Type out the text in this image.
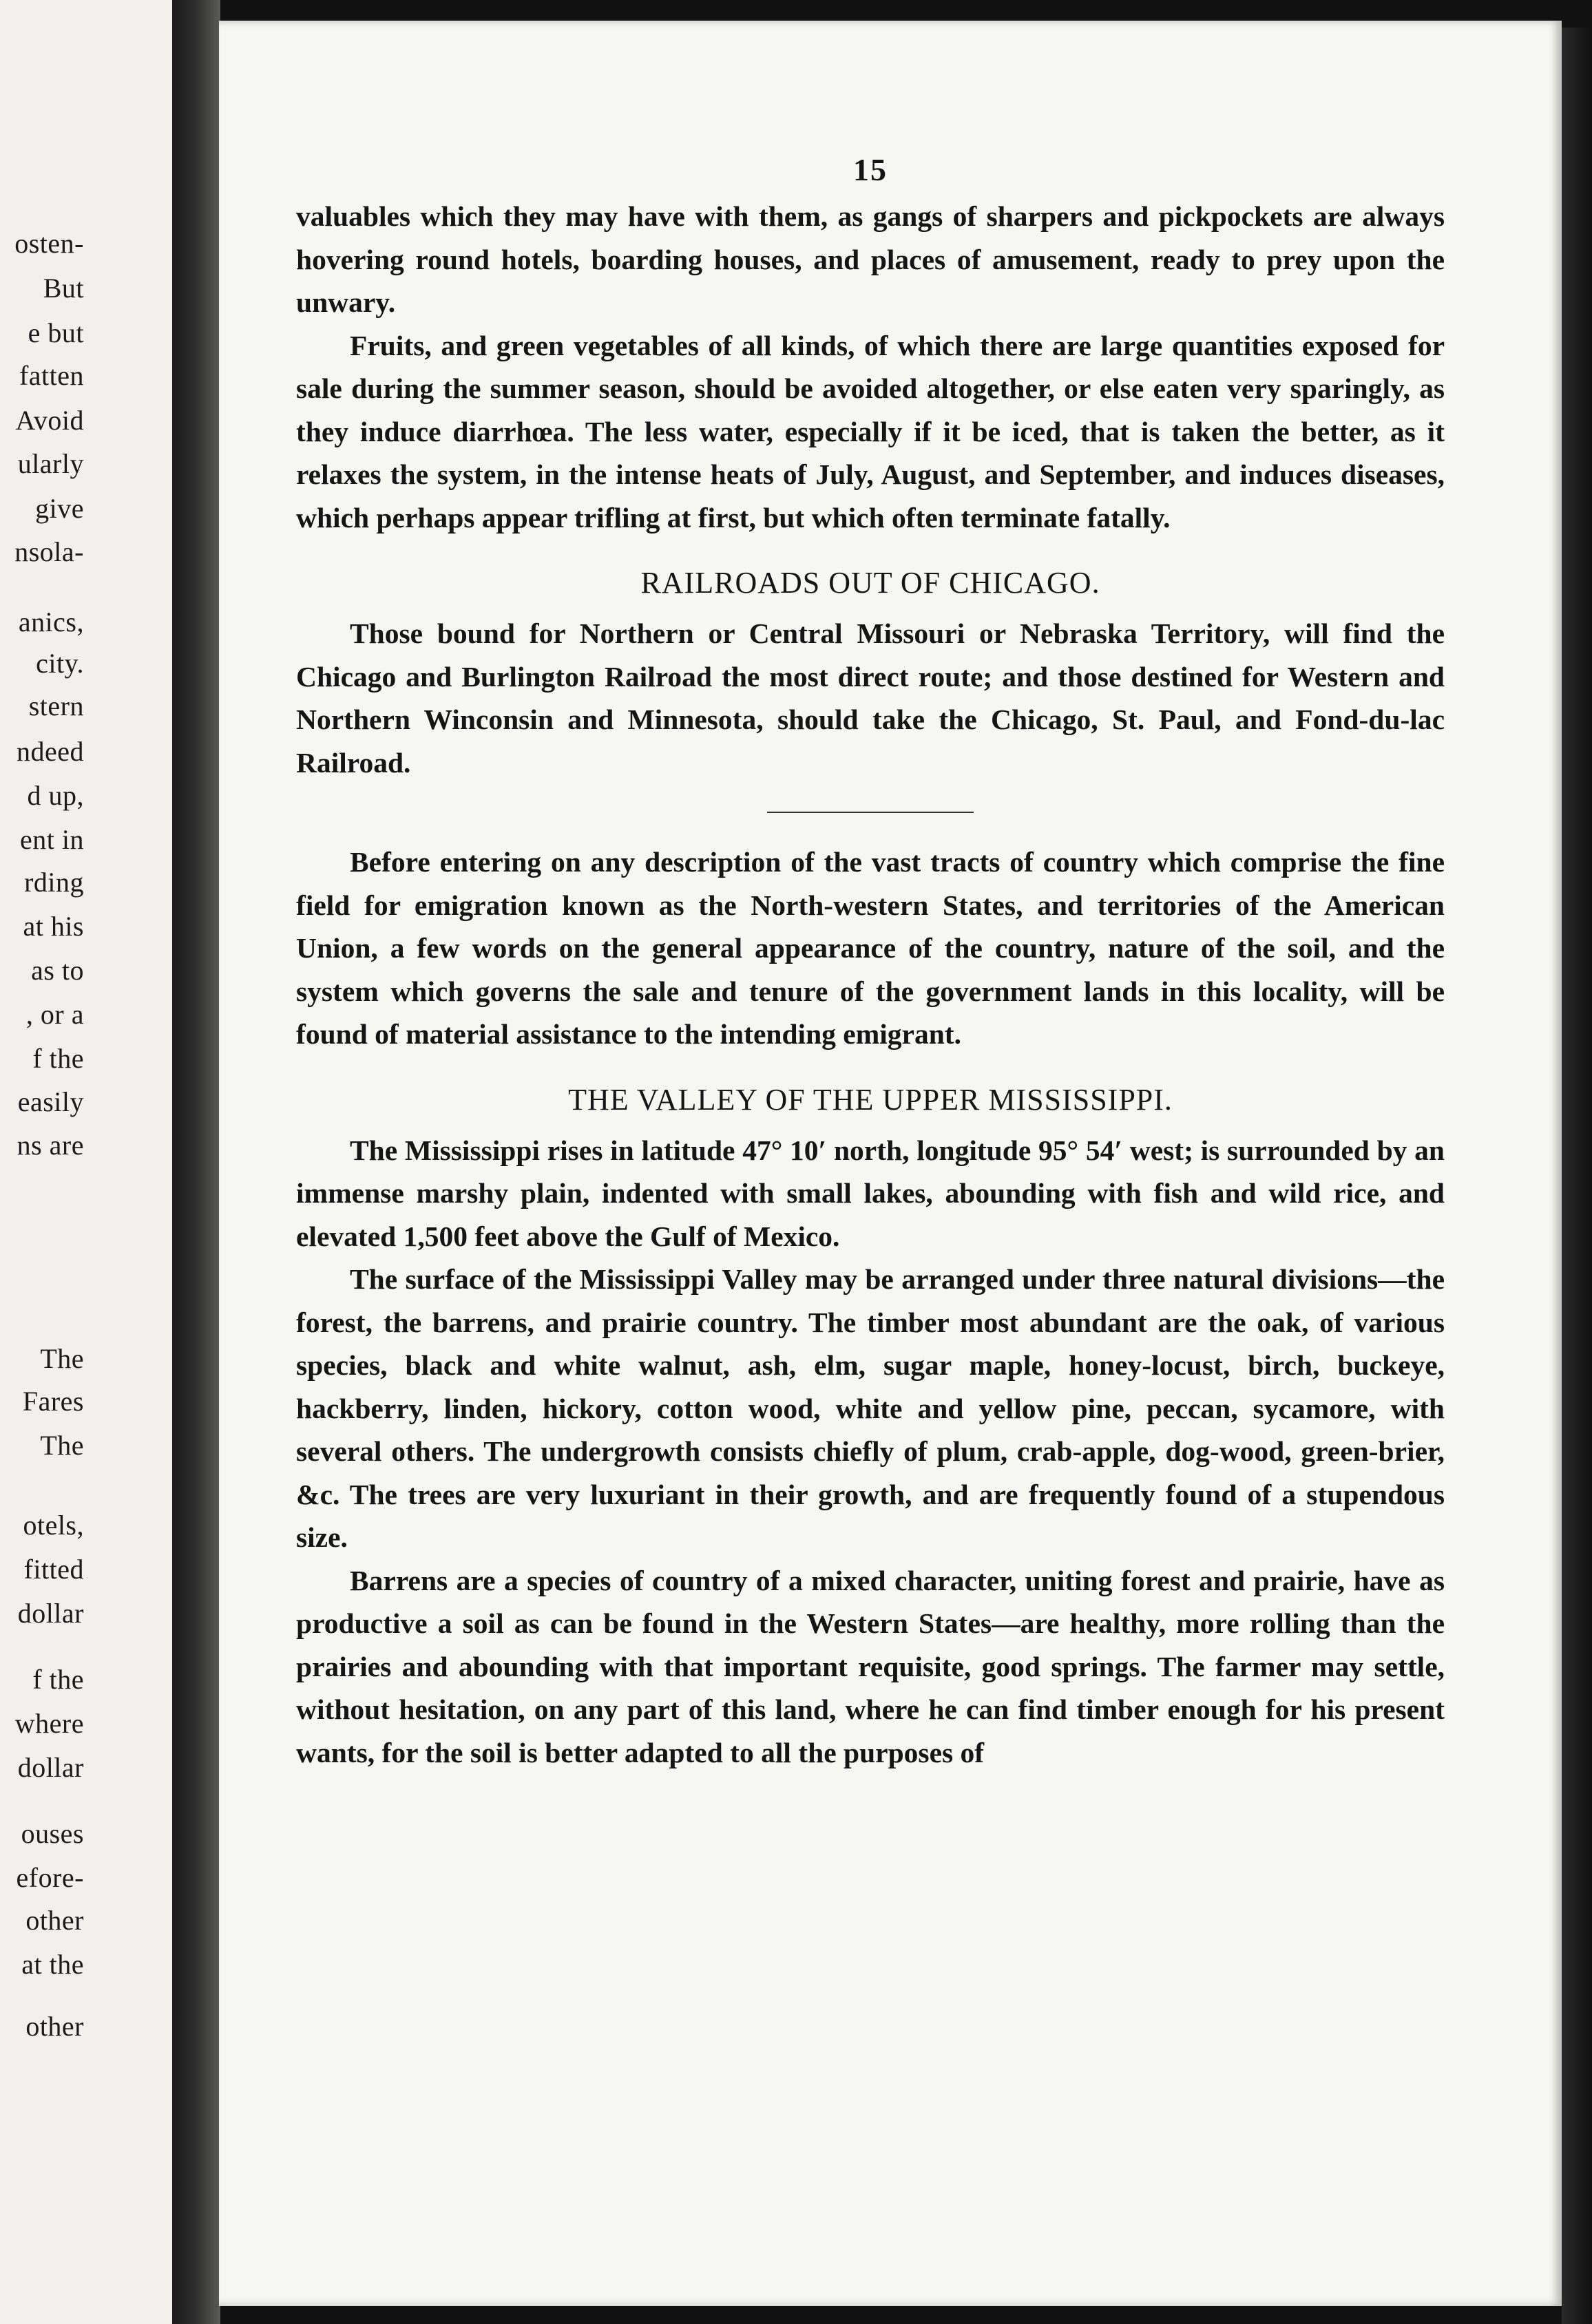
osten-
But
e but
fatten
Avoid
ularly
give
nsola-
anics,
city.
stern
ndeed
d up,
ent in
rding
at his
as to
, or a
f the
easily
ns are
The
Fares
The
otels,
fitted
dollar
f the
where
dollar
ouses
efore-
other
at the
other
15

valuables which they may have with them, as gangs of sharpers and pickpockets are always hovering round hotels, boarding houses, and places of amusement, ready to prey upon the unwary.

Fruits, and green vegetables of all kinds, of which there are large quantities exposed for sale during the summer season, should be avoided altogether, or else eaten very sparingly, as they induce diarrhœa. The less water, especially if it be iced, that is taken the better, as it relaxes the system, in the intense heats of July, August, and September, and induces diseases, which perhaps appear trifling at first, but which often terminate fatally.

RAILROADS OUT OF CHICAGO.

Those bound for Northern or Central Missouri or Nebraska Territory, will find the Chicago and Burlington Railroad the most direct route; and those destined for Western and Northern Winconsin and Minnesota, should take the Chicago, St. Paul, and Fond-du-lac Railroad.

Before entering on any description of the vast tracts of country which comprise the fine field for emigration known as the North-western States, and territories of the American Union, a few words on the general appearance of the country, nature of the soil, and the system which governs the sale and tenure of the government lands in this locality, will be found of material assistance to the intending emigrant.

THE VALLEY OF THE UPPER MISSISSIPPI.

The Mississippi rises in latitude 47° 10′ north, longitude 95° 54′ west; is surrounded by an immense marshy plain, indented with small lakes, abounding with fish and wild rice, and elevated 1,500 feet above the Gulf of Mexico.

The surface of the Mississippi Valley may be arranged under three natural divisions—the forest, the barrens, and prairie country. The timber most abundant are the oak, of various species, black and white walnut, ash, elm, sugar maple, honey-locust, birch, buckeye, hackberry, linden, hickory, cotton wood, white and yellow pine, peccan, sycamore, with several others. The undergrowth consists chiefly of plum, crab-apple, dog-wood, green-brier, &c. The trees are very luxuriant in their growth, and are frequently found of a stupendous size.

Barrens are a species of country of a mixed character, uniting forest and prairie, have as productive a soil as can be found in the Western States—are healthy, more rolling than the prairies and abounding with that important requisite, good springs. The farmer may settle, without hesitation, on any part of this land, where he can find timber enough for his present wants, for the soil is better adapted to all the purposes of
